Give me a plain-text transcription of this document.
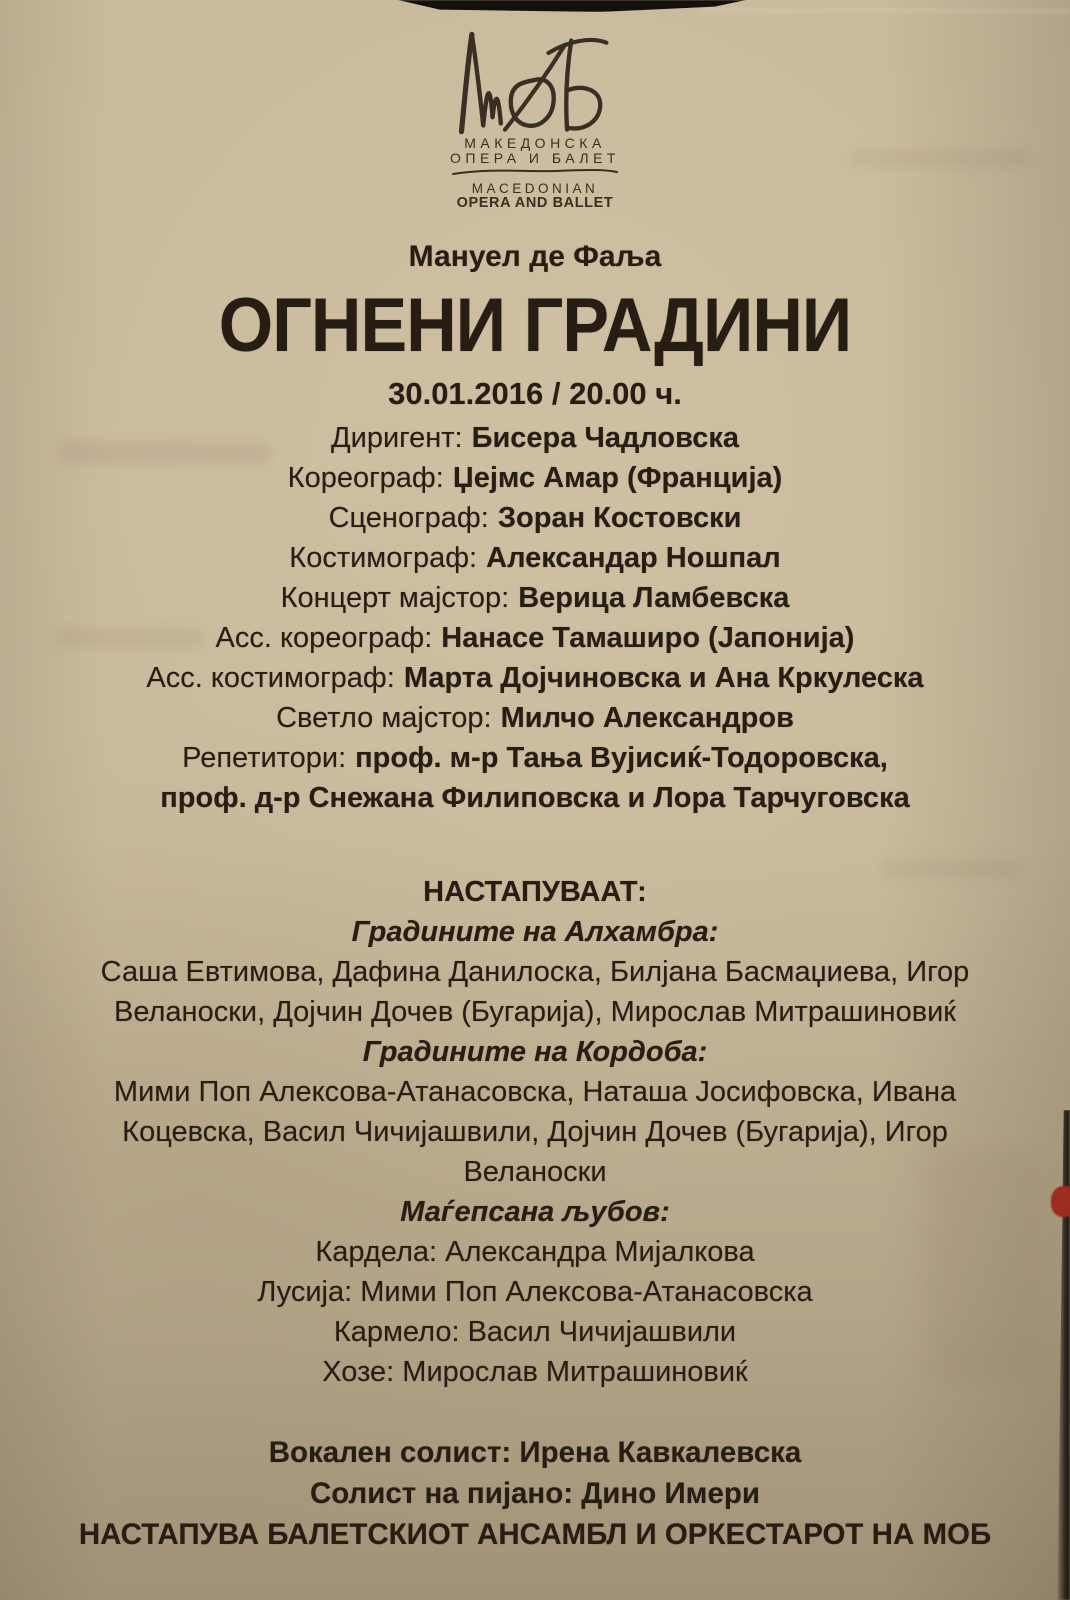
МАКЕДОНСКА
ОПЕРА И БАЛЕТ
MACEDONIAN
OPERA AND BALLET
Мануел де Фаља
ОГНЕНИ ГРАДИНИ
30.01.2016 / 20.00 ч.
Диригент: Бисера Чадловска
Кореограф: Џејмс Амар (Франција)
Сценограф: Зоран Костовски
Костимограф: Александар Ношпал
Концерт мајстор: Верица Ламбевска
Асс. кореограф: Нанасе Тамаширо (Јапонија)
Асс. костимограф: Марта Дојчиновска и Ана Кркулеска
Светло мајстор: Милчо Александров
Репетитори: проф. м-р Тања Вујисиќ-Тодоровска,
проф. д-р Снежана Филиповска и Лора Тарчуговска
НАСТАПУВААТ:
Градините на Алхамбра:
Саша Евтимова, Дафина Данилоска, Билјана Басмаџиева, Игор
Веланоски, Дојчин Дочев (Бугарија), Мирослав Митрашиновиќ
Градините на Кордоба:
Мими Поп Алексова-Атанасовска, Наташа Јосифовска, Ивана
Коцевска, Васил Чичијашвили, Дојчин Дочев (Бугарија), Игор
Веланоски
Маѓепсана љубов:
Кардела: Александра Мијалкова
Лусија: Мими Поп Алексова-Атанасовска
Кармело: Васил Чичијашвили
Хозе: Мирослав Митрашиновиќ
Вокален солист: Ирена Кавкалевска
Солист на пијано: Дино Имери
НАСТАПУВА БАЛЕТСКИОТ АНСАМБЛ И ОРКЕСТАРОТ НА МОБ
